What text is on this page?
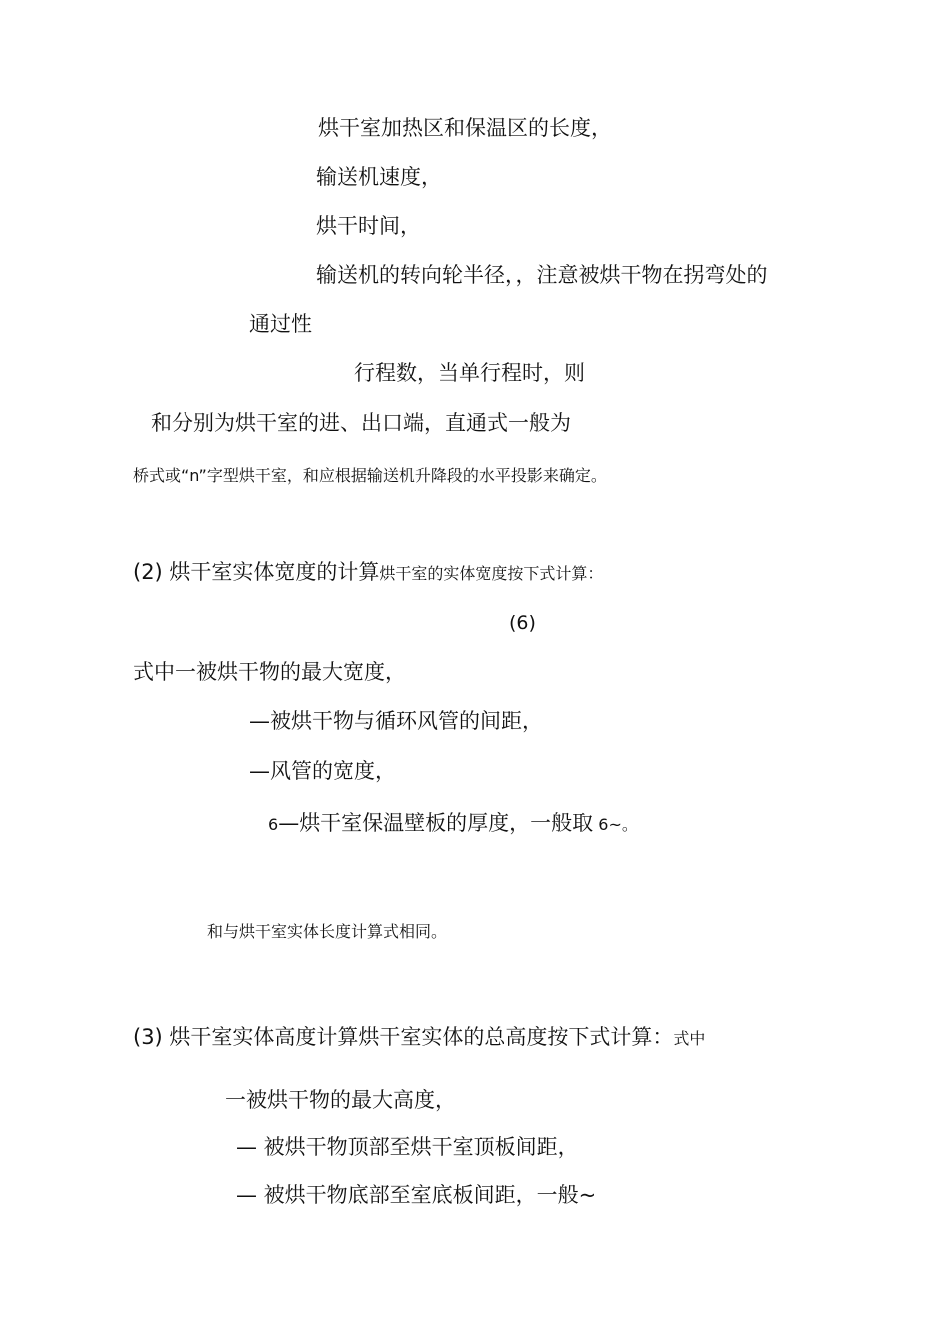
烘干室加热区和保温区的长度，
输送机速度，
烘干时间，
输送机的转向轮半径，，注意被烘干物在拐弯处的
通过性
行程数，当单行程时，则
和分别为烘干室的进、出口端，直通式一般为
桥式或“n”字型烘干室，和应根据输送机升降段的水平投影来确定。
(2) 烘干室实体宽度的计算烘干室的实体宽度按下式计算：
(6)
式中一被烘干物的最大宽度，
—被烘干物与循环风管的间距，
—风管的宽度，
6—烘干室保温壁板的厚度，一般取 6~。
和与烘干室实体长度计算式相同。
(3) 烘干室实体高度计算烘干室实体的总高度按下式计算：式中
一被烘干物的最大高度，
— 被烘干物顶部至烘干室顶板间距，
— 被烘干物底部至室底板间距，一般~
